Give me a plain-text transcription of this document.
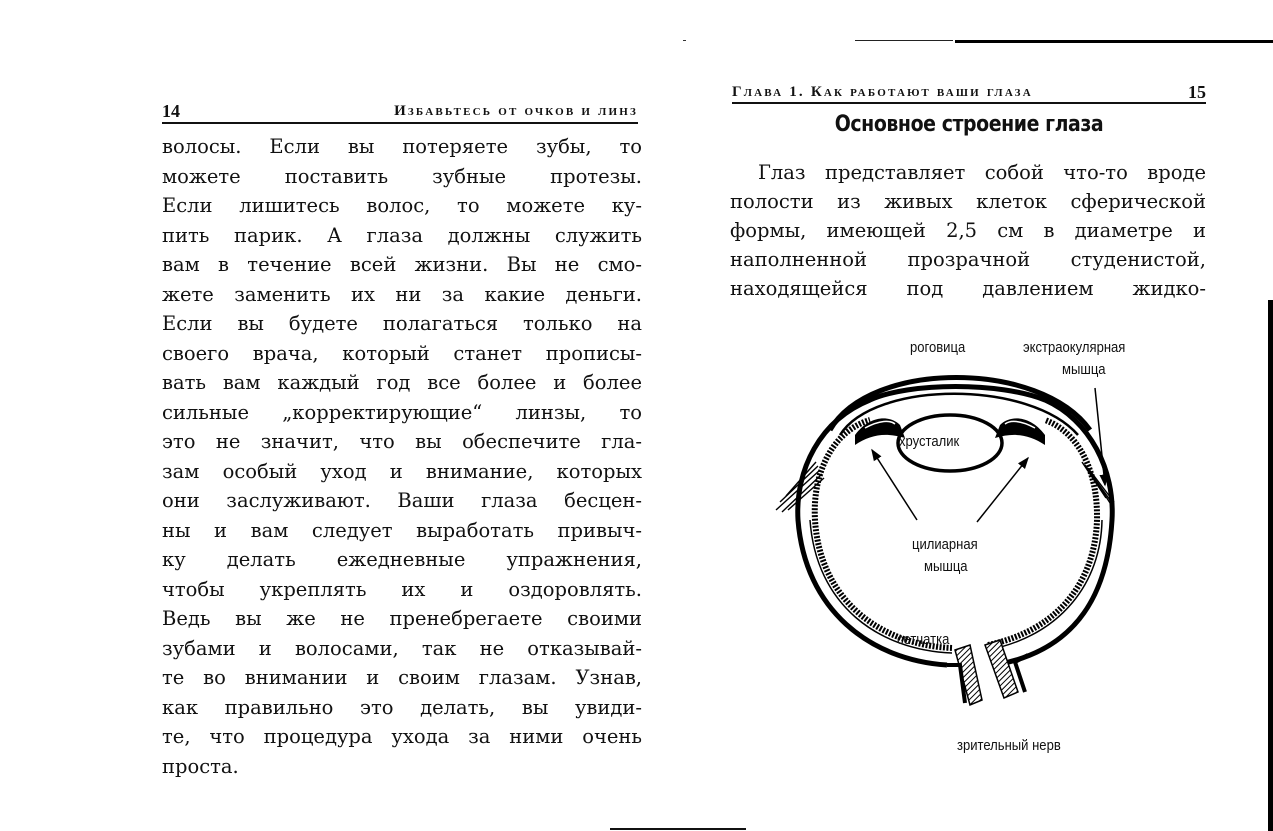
14	Избавьтесь от очков и линз
волосы. Если вы потеряете зубы, то
можете поставить зубные протезы.
Если лишитесь волос, то можете ку-
пить парик. А глаза должны служить
вам в течение всей жизни. Вы не смо-
жете заменить их ни за какие деньги.
Если вы будете полагаться только на
своего врача, который станет прописы-
вать вам каждый год все более и более
сильные „корректирующие“ линзы, то
это не значит, что вы обеспечите гла-
зам особый уход и внимание, которых
они заслуживают. Ваши глаза бесцен-
ны и вам следует выработать привыч-
ку делать ежедневные упражнения,
чтобы укреплять их и оздоровлять.
Ведь вы же не пренебрегаете своими
зубами и волосами, так не отказывай-
те во внимании и своим глазам. Узнав,
как правильно это делать, вы увиди-
те, что процедура ухода за ними очень
проста.
Глава 1. Как работают ваши глаза	15
Основное строение глаза
Глаз представляет собой что-то вроде
полости из живых клеток сферической
формы, имеющей 2,5 см в диаметре и
наполненной прозрачной студенистой,
находящейся под давлением жидко-
роговица	экстраокулярная
мышца
хрусталик
цилиарная
мышца
сетчатка
зрительный нерв
